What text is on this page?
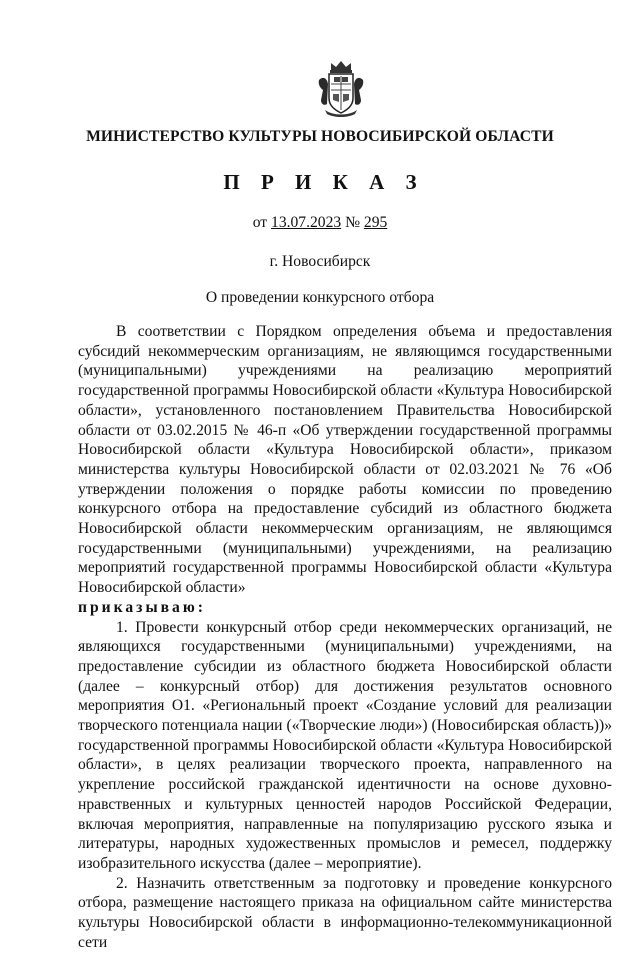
МИНИСТЕРСТВО КУЛЬТУРЫ НОВОСИБИРСКОЙ ОБЛАСТИ
П Р И К А З
от 13.07.2023 № 295
г. Новосибирск
О проведении конкурсного отбора

В соответствии с Порядком определения объема и предоставления субсидий некоммерческим организациям, не являющимся государственными (муниципальными) учреждениями на реализацию мероприятий государственной программы Новосибирской области «Культура Новосибирской области», установленного постановлением Правительства Новосибирской области от 03.02.2015 № 46-п «Об утверждении государственной программы Новосибирской области «Культура Новосибирской области», приказом министерства культуры Новосибирской области от 02.03.2021 № 76 «Об утверждении положения о порядке работы комиссии по проведению конкурсного отбора на предоставление субсидий из областного бюджета Новосибирской области некоммерческим организациям, не являющимся государственными (муниципальными) учреждениями, на реализацию мероприятий государственной программы Новосибирской области «Культура Новосибирской области»
приказываю:

1. Провести конкурсный отбор среди некоммерческих организаций, не являющихся государственными (муниципальными) учреждениями, на предоставление субсидии из областного бюджета Новосибирской области (далее – конкурсный отбор) для достижения результатов основного мероприятия О1. «Региональный проект «Создание условий для реализации творческого потенциала нации («Творческие люди») (Новосибирская область))» государственной программы Новосибирской области «Культура Новосибирской области», в целях реализации творческого проекта, направленного на укрепление российской гражданской идентичности на основе духовно-нравственных и культурных ценностей народов Российской Федерации, включая мероприятия, направленные на популяризацию русского языка и литературы, народных художественных промыслов и ремесел, поддержку изобразительного искусства (далее – мероприятие).

2. Назначить ответственным за подготовку и проведение конкурсного отбора, размещение настоящего приказа на официальном сайте министерства культуры Новосибирской области в информационно-телекоммуникационной сети
